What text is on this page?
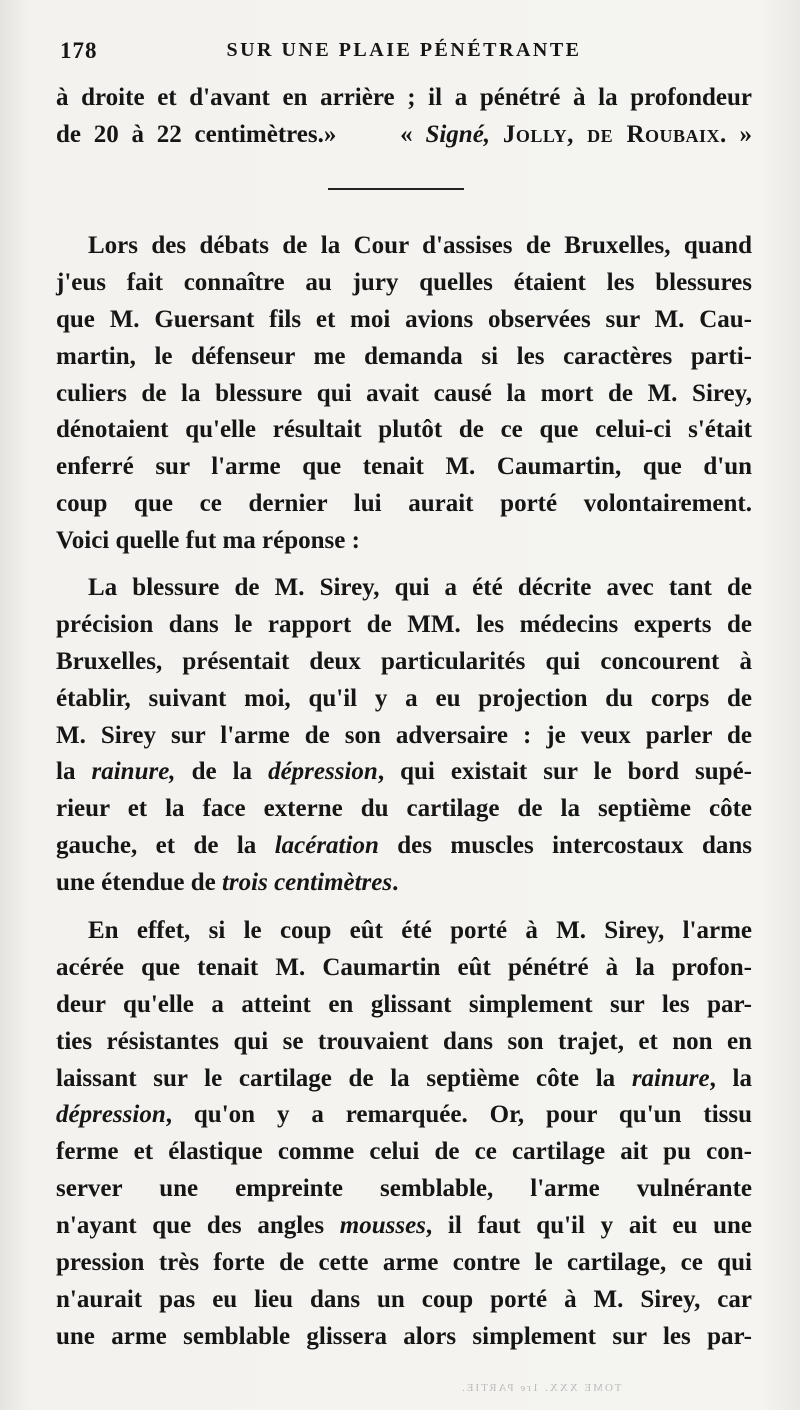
178	SUR UNE PLAIE PÉNÉTRANTE
à droite et d'avant en arrière ; il a pénétré à la profondeur
de 20 à 22 centimètres.»	« Signé, Jolly, de Roubaix. »
Lors des débats de la Cour d'assises de Bruxelles, quand
j'eus fait connaître au jury quelles étaient les blessures
que M. Guersant fils et moi avions observées sur M. Cau-
martin, le défenseur me demanda si les caractères parti-
culiers de la blessure qui avait causé la mort de M. Sirey,
dénotaient qu'elle résultait plutôt de ce que celui-ci s'était
enferré sur l'arme que tenait M. Caumartin, que d'un
coup que ce dernier lui aurait porté volontairement.
Voici quelle fut ma réponse :
La blessure de M. Sirey, qui a été décrite avec tant de
précision dans le rapport de MM. les médecins experts de
Bruxelles, présentait deux particularités qui concourent à
établir, suivant moi, qu'il y a eu projection du corps de
M. Sirey sur l'arme de son adversaire : je veux parler de
la rainure, de la dépression, qui existait sur le bord supé-
rieur et la face externe du cartilage de la septième côte
gauche, et de la lacération des muscles intercostaux dans
une étendue de trois centimètres.
En effet, si le coup eût été porté à M. Sirey, l'arme
acérée que tenait M. Caumartin eût pénétré à la profon-
deur qu'elle a atteint en glissant simplement sur les par-
ties résistantes qui se trouvaient dans son trajet, et non en
laissant sur le cartilage de la septième côte la rainure, la
dépression, qu'on y a remarquée. Or, pour qu'un tissu
ferme et élastique comme celui de ce cartilage ait pu con-
server une empreinte semblable, l'arme vulnérante
n'ayant que des angles mousses, il faut qu'il y ait eu une
pression très forte de cette arme contre le cartilage, ce qui
n'aurait pas eu lieu dans un coup porté à M. Sirey, car
une arme semblable glissera alors simplement sur les par-
TOME XXX. 1re PARTIE.
